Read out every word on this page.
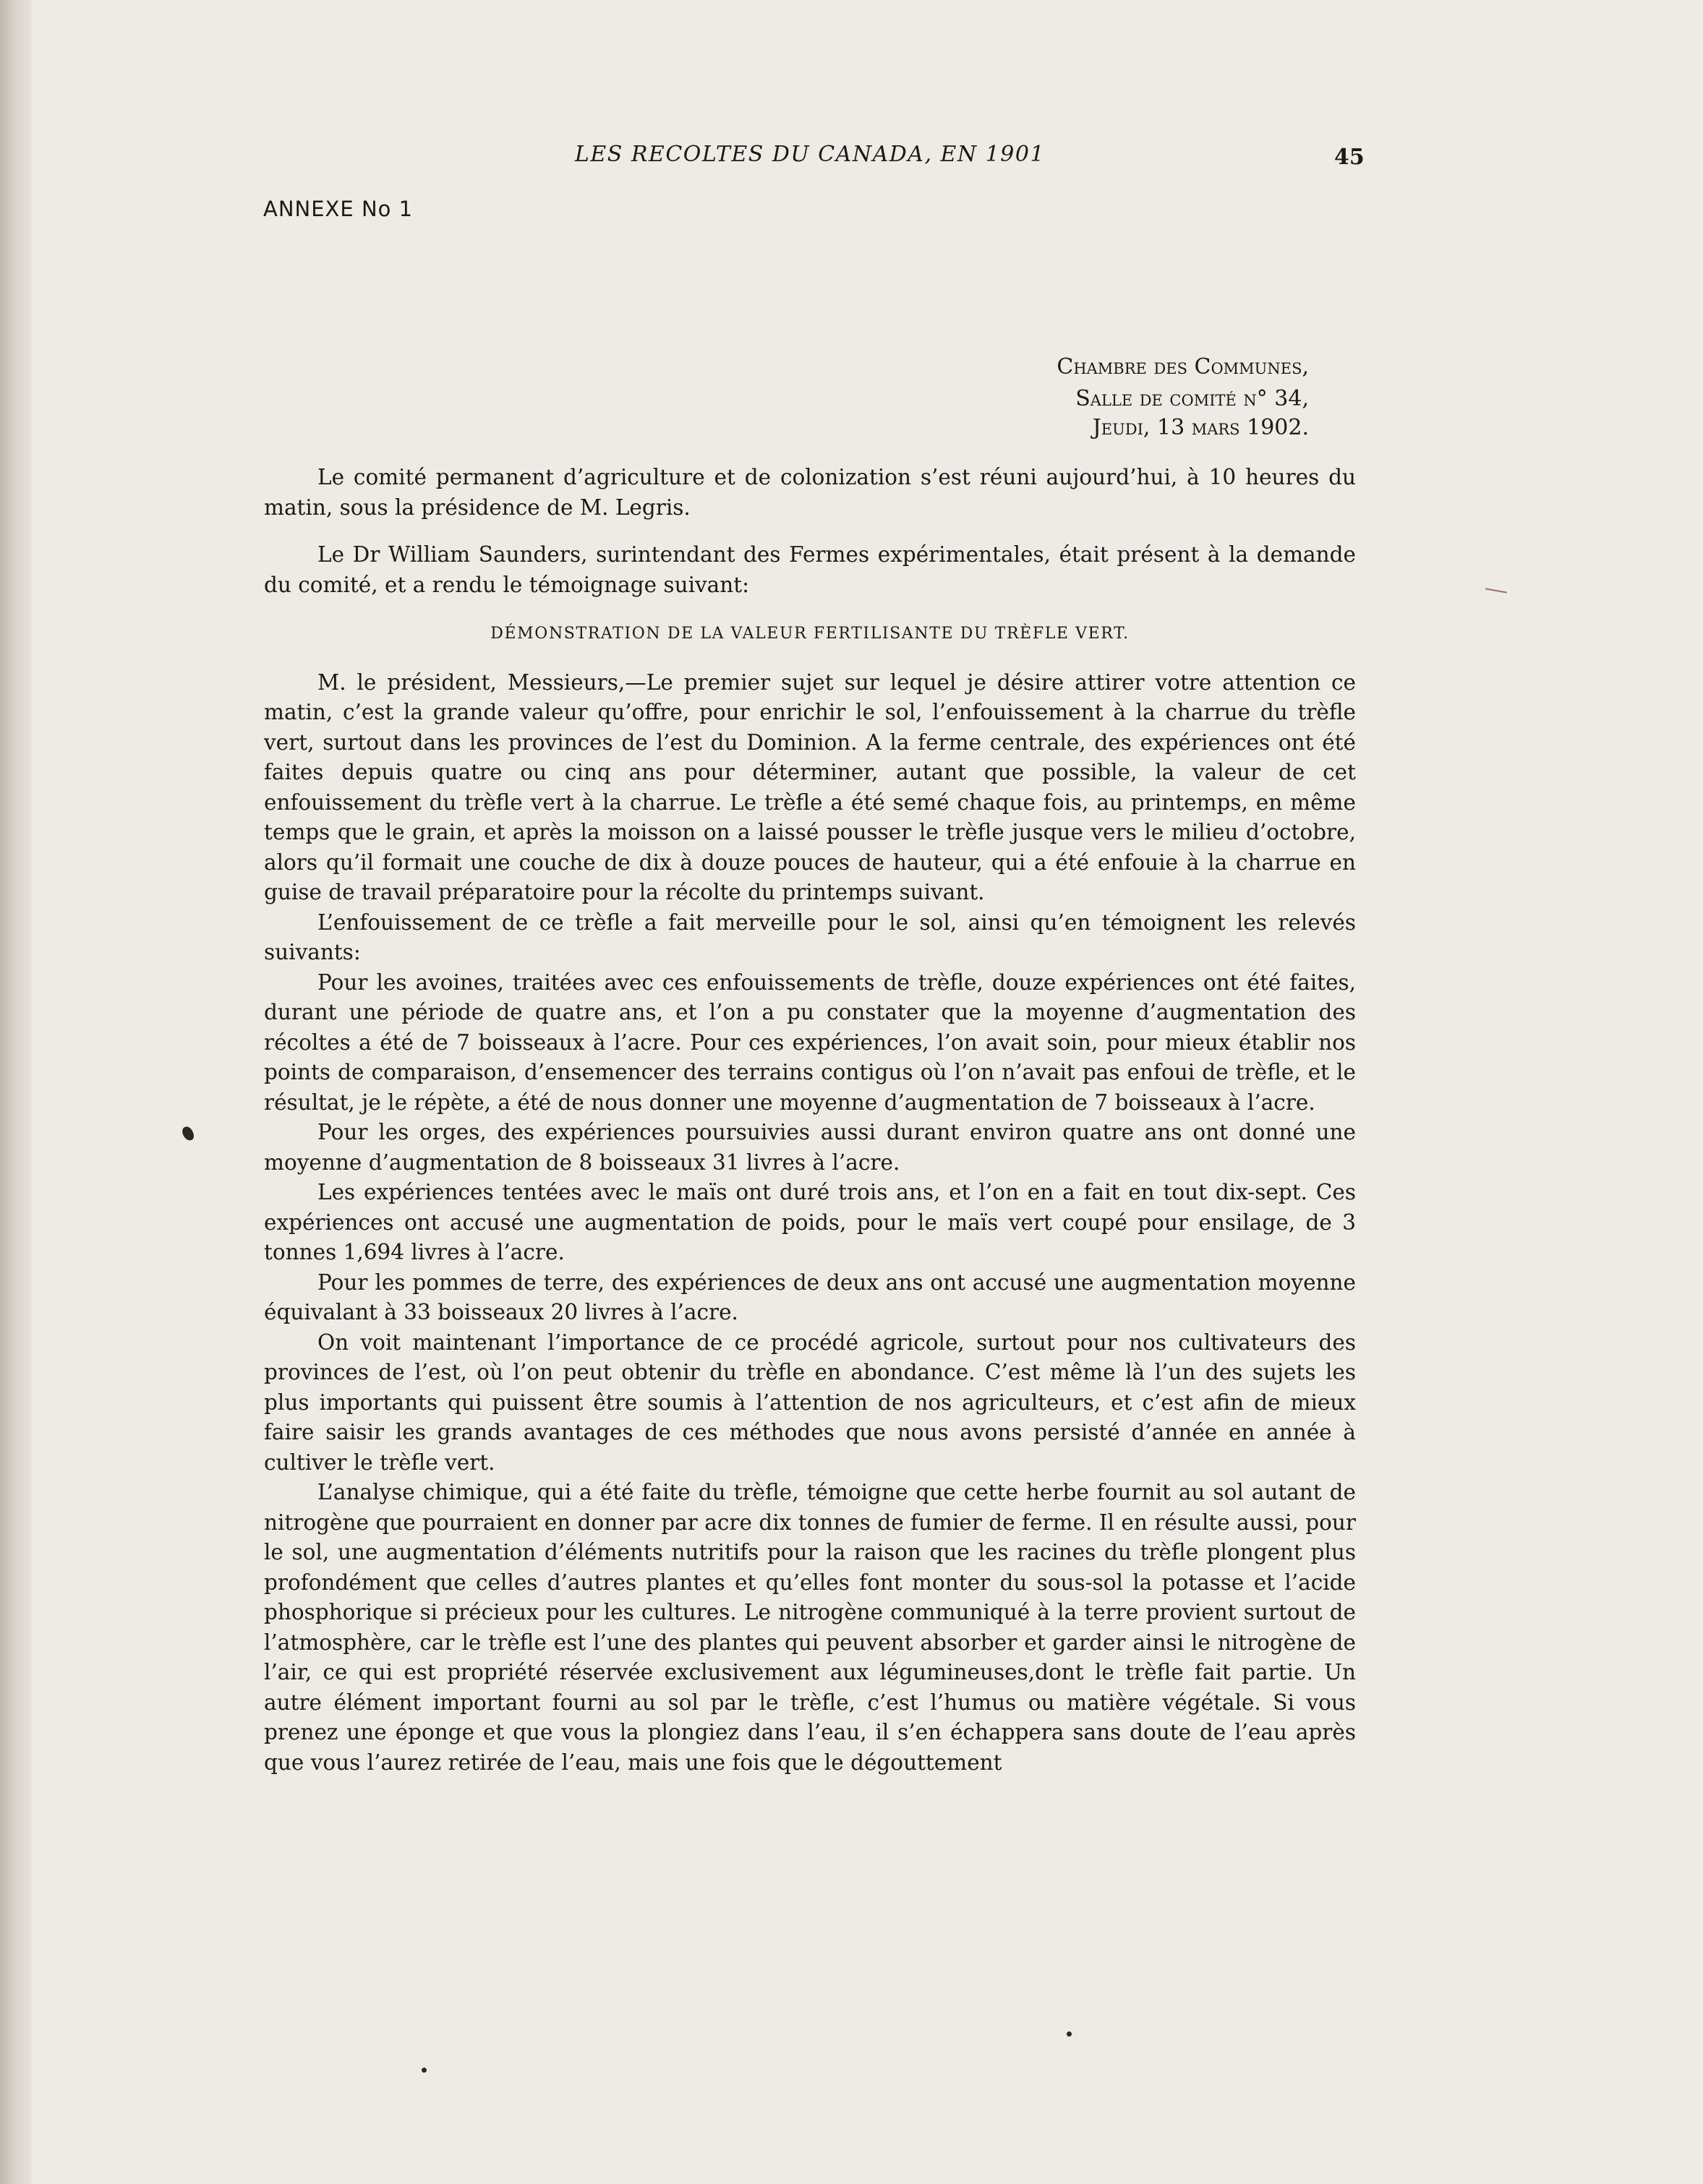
LES RECOLTES DU CANADA, EN 1901	45
ANNEXE No 1
Chambre des Communes,
Salle de comité n° 34,
Jeudi, 13 mars 1902.

Le comité permanent d’agriculture et de colonization s’est réuni aujourd’hui, à 10 heures du matin, sous la présidence de M. Legris.

Le Dr William Saunders, surintendant des Fermes expérimentales, était présent à la demande du comité, et a rendu le témoignage suivant:

DÉMONSTRATION DE LA VALEUR FERTILISANTE DU TRÈFLE VERT.

M. le président, Messieurs,—Le premier sujet sur lequel je désire attirer votre attention ce matin, c’est la grande valeur qu’offre, pour enrichir le sol, l’enfouissement à la charrue du trèfle vert, surtout dans les provinces de l’est du Dominion. A la ferme centrale, des expériences ont été faites depuis quatre ou cinq ans pour déterminer, autant que possible, la valeur de cet enfouissement du trèfle vert à la charrue. Le trèfle a été semé chaque fois, au printemps, en même temps que le grain, et après la moisson on a laissé pousser le trèfle jusque vers le milieu d’octobre, alors qu’il formait une couche de dix à douze pouces de hauteur, qui a été enfouie à la charrue en guise de travail préparatoire pour la récolte du printemps suivant.

L’enfouissement de ce trèfle a fait merveille pour le sol, ainsi qu’en témoignent les relevés suivants:

Pour les avoines, traitées avec ces enfouissements de trèfle, douze expériences ont été faites, durant une période de quatre ans, et l’on a pu constater que la moyenne d’augmentation des récoltes a été de 7 boisseaux à l’acre. Pour ces expériences, l’on avait soin, pour mieux établir nos points de comparaison, d’ensemencer des terrains contigus où l’on n’avait pas enfoui de trèfle, et le résultat, je le répète, a été de nous donner une moyenne d’augmentation de 7 boisseaux à l’acre.

Pour les orges, des expériences poursuivies aussi durant environ quatre ans ont donné une moyenne d’augmentation de 8 boisseaux 31 livres à l’acre.

Les expériences tentées avec le maïs ont duré trois ans, et l’on en a fait en tout dix-sept. Ces expériences ont accusé une augmentation de poids, pour le maïs vert coupé pour ensilage, de 3 tonnes 1,694 livres à l’acre.

Pour les pommes de terre, des expériences de deux ans ont accusé une augmentation moyenne équivalant à 33 boisseaux 20 livres à l’acre.

On voit maintenant l’importance de ce procédé agricole, surtout pour nos cultivateurs des provinces de l’est, où l’on peut obtenir du trèfle en abondance. C’est même là l’un des sujets les plus importants qui puissent être soumis à l’attention de nos agriculteurs, et c’est afin de mieux faire saisir les grands avantages de ces méthodes que nous avons persisté d’année en année à cultiver le trèfle vert.

L’analyse chimique, qui a été faite du trèfle, témoigne que cette herbe fournit au sol autant de nitrogène que pourraient en donner par acre dix tonnes de fumier de ferme. Il en résulte aussi, pour le sol, une augmentation d’éléments nutritifs pour la raison que les racines du trèfle plongent plus profondément que celles d’autres plantes et qu’elles font monter du sous-sol la potasse et l’acide phosphorique si précieux pour les cultures. Le nitrogène communiqué à la terre provient surtout de l’atmosphère, car le trèfle est l’une des plantes qui peuvent absorber et garder ainsi le nitrogène de l’air, ce qui est propriété réservée exclusivement aux légumineuses,dont le trèfle fait partie. Un autre élément important fourni au sol par le trèfle, c’est l’humus ou matière végétale. Si vous prenez une éponge et que vous la plongiez dans l’eau, il s’en échappera sans doute de l’eau après que vous l’aurez retirée de l’eau, mais une fois que le dégouttement
